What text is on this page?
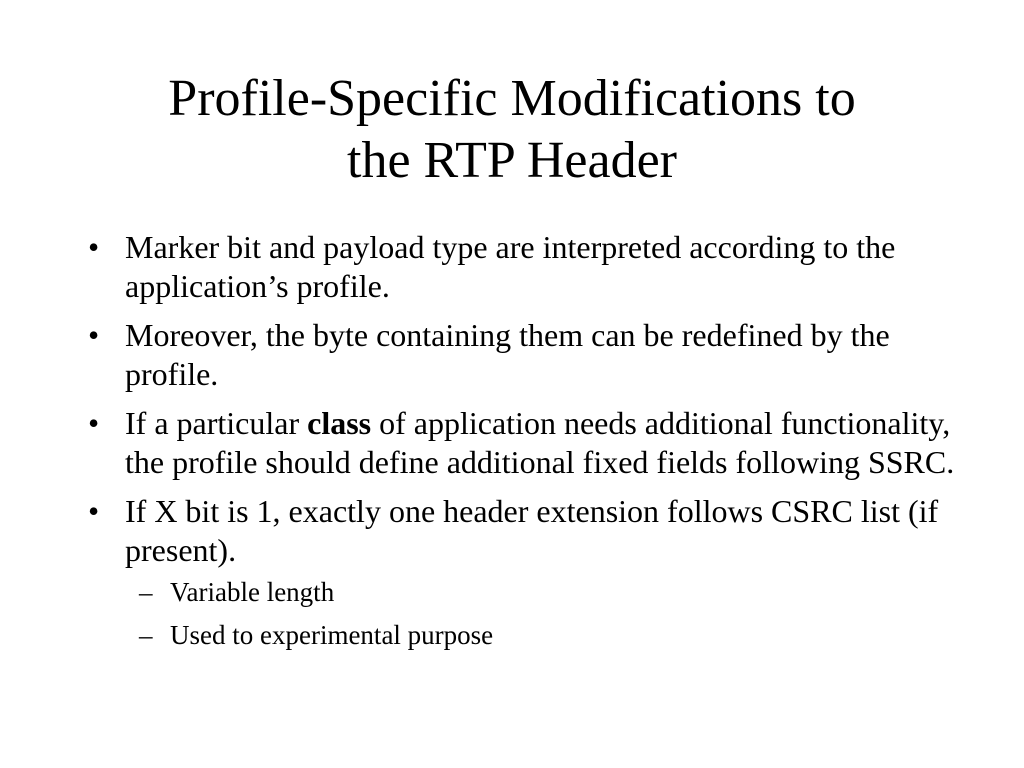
Profile-Specific Modifications to
the RTP Header
• Marker bit and payload type are interpreted according to the application’s profile.
• Moreover, the byte containing them can be redefined by the profile.
• If a particular class of application needs additional functionality, the profile should define additional fixed fields following SSRC.
• If X bit is 1, exactly one header extension follows CSRC list (if present).
– Variable length
– Used to experimental purpose
